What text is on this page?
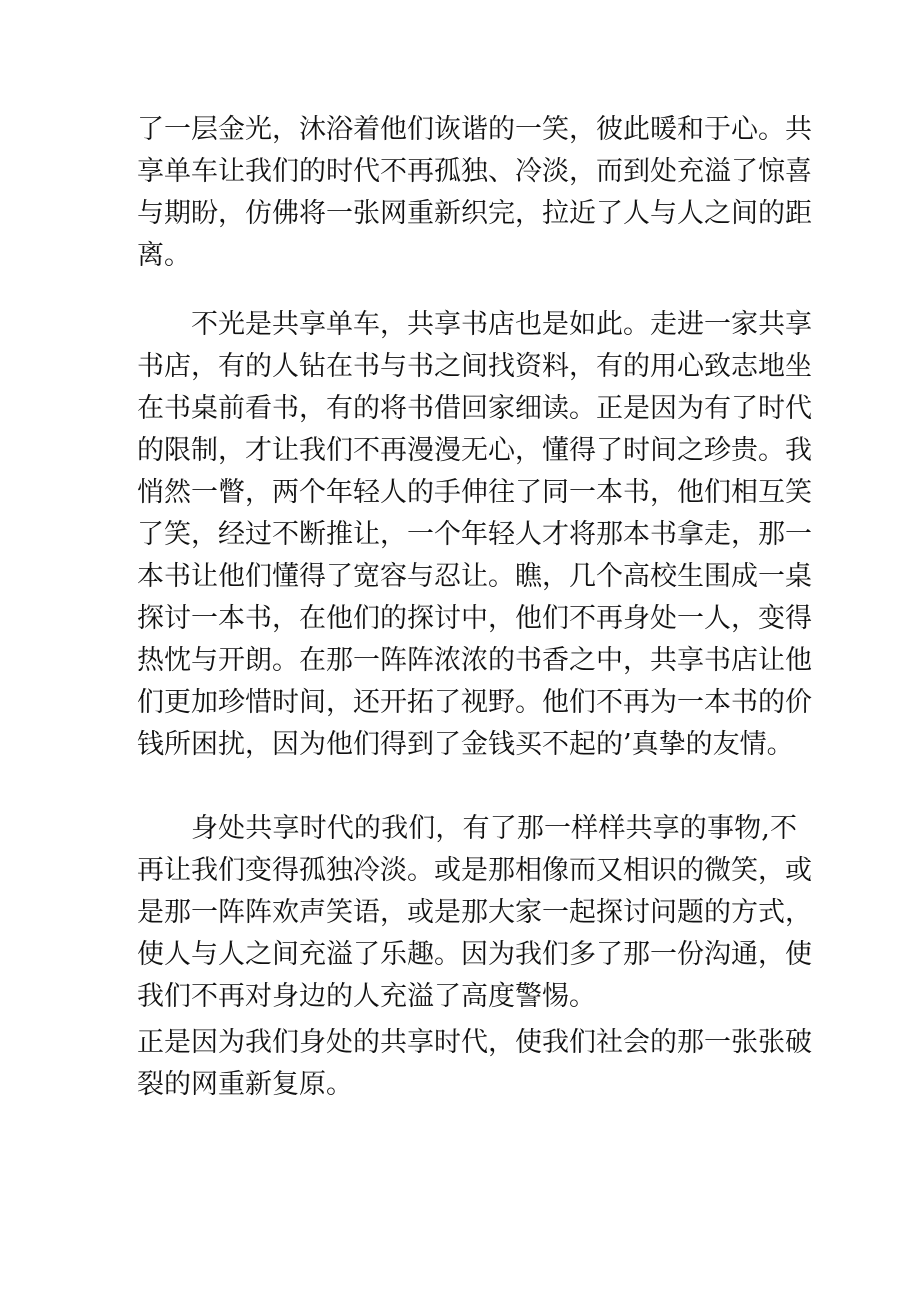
了一层金光，沐浴着他们诙谐的一笑，彼此暖和于心。共

享单车让我们的时代不再孤独、冷淡，而到处充溢了惊喜

与期盼，仿佛将一张网重新织完，拉近了人与人之间的距

离。

不光是共享单车，共享书店也是如此。走进一家共享

书店，有的人钻在书与书之间找资料，有的用心致志地坐

在书桌前看书，有的将书借回家细读。正是因为有了时代

的限制，才让我们不再漫漫无心，懂得了时间之珍贵。我

悄然一瞥，两个年轻人的手伸往了同一本书，他们相互笑

了笑，经过不断推让，一个年轻人才将那本书拿走，那一

本书让他们懂得了宽容与忍让。瞧，几个高校生围成一桌

探讨一本书，在他们的探讨中，他们不再身处一人，变得

热忱与开朗。在那一阵阵浓浓的书香之中，共享书店让他

们更加珍惜时间，还开拓了视野。他们不再为一本书的价

钱所困扰，因为他们得到了金钱买不起的’真挚的友情。

身处共享时代的我们，有了那一样样共享的事物,不

再让我们变得孤独冷淡。或是那相像而又相识的微笑，或

是那一阵阵欢声笑语，或是那大家一起探讨问题的方式，

使人与人之间充溢了乐趣。因为我们多了那一份沟通，使

我们不再对身边的人充溢了高度警惕。

正是因为我们身处的共享时代，使我们社会的那一张张破

裂的网重新复原。
